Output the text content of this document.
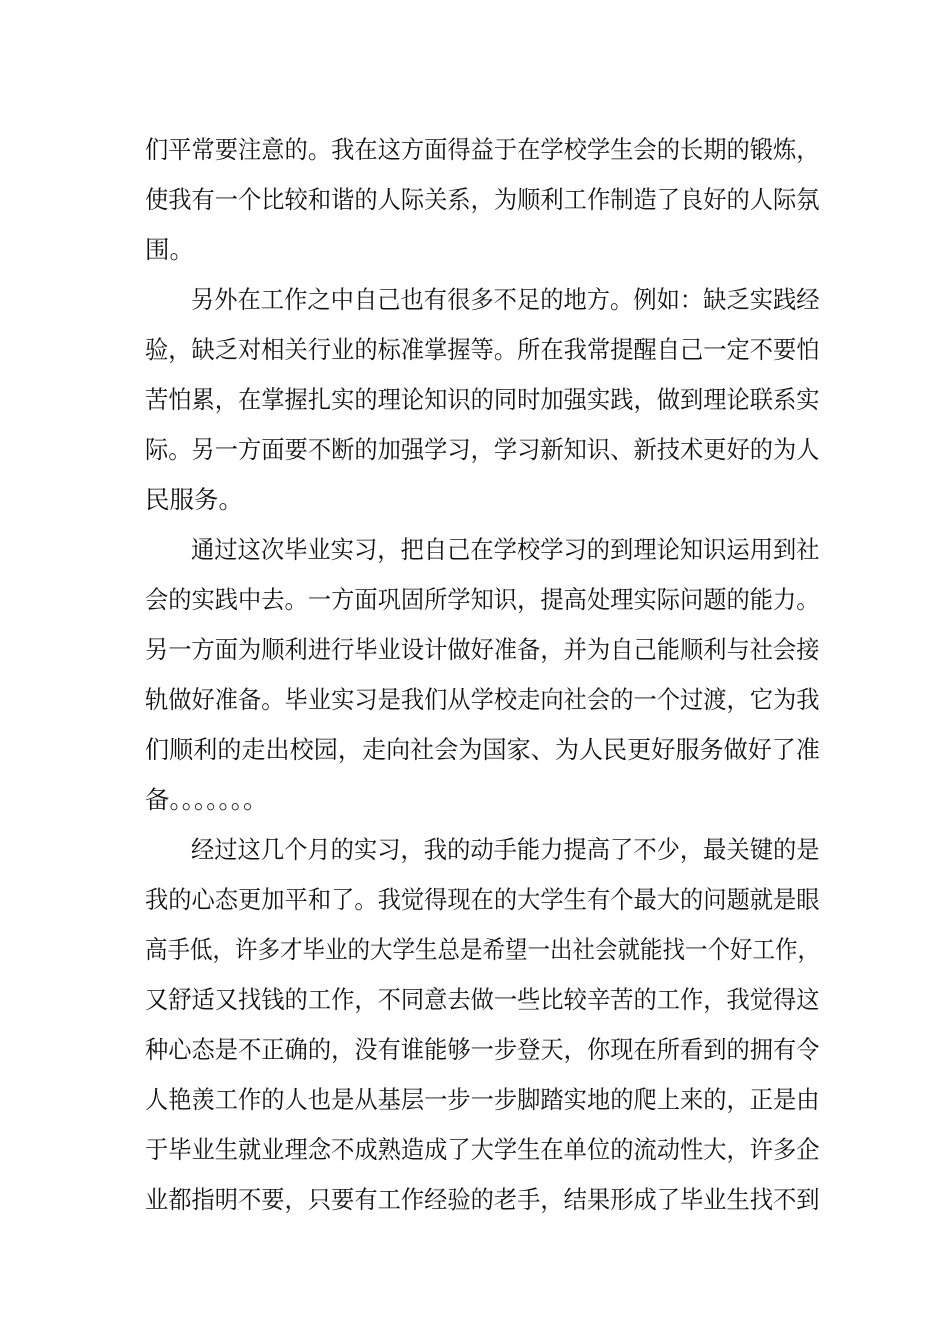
们平常要注意的。我在这方面得益于在学校学生会的长期的锻炼，
使我有一个比较和谐的人际关系，为顺利工作制造了良好的人际氛
围。
另外在工作之中自己也有很多不足的地方。例如：缺乏实践经
验，缺乏对相关行业的标准掌握等。所在我常提醒自己一定不要怕
苦怕累，在掌握扎实的理论知识的同时加强实践，做到理论联系实
际。另一方面要不断的加强学习，学习新知识、新技术更好的为人
民服务。
通过这次毕业实习，把自己在学校学习的到理论知识运用到社
会的实践中去。一方面巩固所学知识，提高处理实际问题的能力。
另一方面为顺利进行毕业设计做好准备，并为自己能顺利与社会接
轨做好准备。毕业实习是我们从学校走向社会的一个过渡，它为我
们顺利的走出校园，走向社会为国家、为人民更好服务做好了准
备。。。。。。。
经过这几个月的实习，我的动手能力提高了不少，最关键的是
我的心态更加平和了。我觉得现在的大学生有个最大的问题就是眼
高手低，许多才毕业的大学生总是希望一出社会就能找一个好工作，
又舒适又找钱的工作，不同意去做一些比较辛苦的工作，我觉得这
种心态是不正确的，没有谁能够一步登天，你现在所看到的拥有令
人艳羡工作的人也是从基层一步一步脚踏实地的爬上来的，正是由
于毕业生就业理念不成熟造成了大学生在单位的流动性大，许多企
业都指明不要，只要有工作经验的老手，结果形成了毕业生找不到
